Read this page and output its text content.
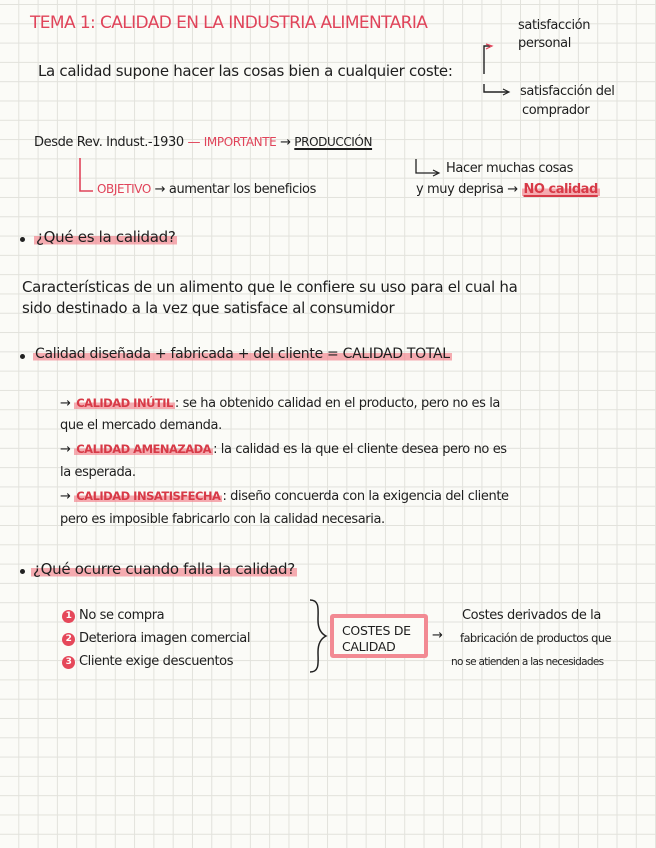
TEMA 1: CALIDAD EN LA INDUSTRIA ALIMENTARIA
La calidad supone hacer las cosas bien a cualquier coste:
satisfacción
personal
satisfacción del
comprador
Desde Rev. Indust.-1930 — IMPORTANTE → PRODUCCIÓN
Hacer muchas cosas
y muy deprisa → NO calidad
OBJETIVO → aumentar los beneficios
¿Qué es la calidad?
Características de un alimento que le confiere su uso para el cual ha
sido destinado a la vez que satisface al consumidor
Calidad diseñada + fabricada + del cliente = CALIDAD TOTAL
→ CALIDAD INÚTIL : se ha obtenido calidad en el producto, pero no es la
que el mercado demanda.
→ CALIDAD AMENAZADA : la calidad es la que el cliente desea pero no es
la esperada.
→ CALIDAD INSATISFECHA : diseño concuerda con la exigencia del cliente
pero es imposible fabricarlo con la calidad necesaria.
¿Qué ocurre cuando falla la calidad?
1 No se compra
2 Deteriora imagen comercial
3 Cliente exige descuentos
COSTES DE
CALIDAD
→
Costes derivados de la
fabricación de productos que
no se atienden a las necesidades
